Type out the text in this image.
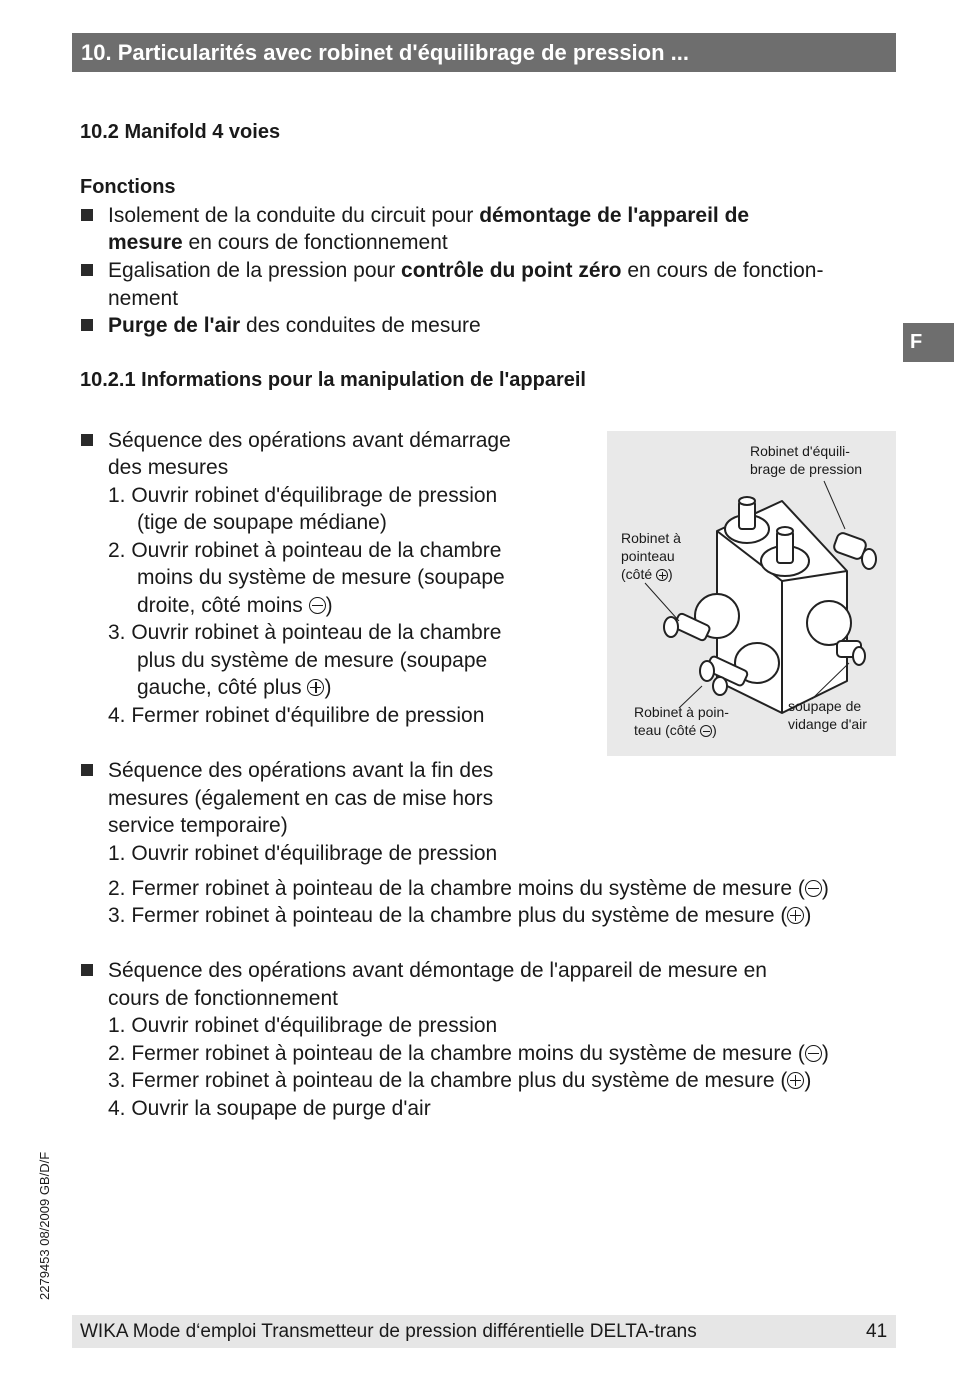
10. Particularités avec robinet d'équilibrage de pression ...
F
10.2 Manifold 4 voies
Fonctions
Isolement de la conduite du circuit pour démontage de l'appareil de
mesure en cours de fonctionnement
Egalisation de la pression pour contrôle du point zéro en cours de fonction-
nement
Purge de l'air des conduites de mesure
10.2.1 Informations pour la manipulation de l'appareil
Séquence des opérations avant démarrage
des mesures
1. Ouvrir robinet d'équilibrage de pression
(tige de soupape médiane)
2. Ouvrir robinet à pointeau de la chambre
moins du système de mesure (soupape
droite, côté moins )
3. Ouvrir robinet à pointeau de la chambre
plus du système de mesure (soupape
gauche, côté plus )
4. Fermer robinet d'équilibre de pression
Robinet d'équili-
brage de pression
Robinet à
pointeau
(côté )
Robinet à poin-
teau (côté )
soupape de
vidange d'air
Séquence des opérations avant la fin des
mesures (également en cas de mise hors
service temporaire)
1. Ouvrir robinet d'équilibrage de pression
2. Fermer robinet à pointeau de la chambre moins du système de mesure ( )
3. Fermer robinet à pointeau de la chambre plus du système de mesure ( )
Séquence des opérations avant démontage de l'appareil de mesure en
cours de fonctionnement
1. Ouvrir robinet d'équilibrage de pression
2. Fermer robinet à pointeau de la chambre moins du système de mesure ( )
3. Fermer robinet à pointeau de la chambre plus du système de mesure ( )
4. Ouvrir la soupape de purge d'air
2279453 08/2009 GB/D/F
WIKA Mode d‘emploi Transmetteur de pression différentielle DELTA-trans	41
